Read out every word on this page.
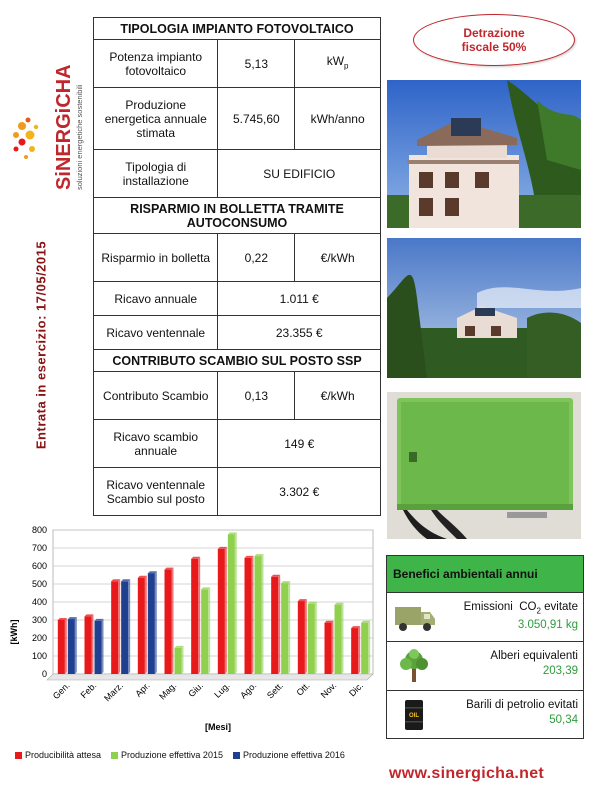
SiNERGiCHA soluzioni energetiche sostenibili
Entrata in esercizio: 17/05/2015
Detrazione
fiscale 50%
TIPOLOGIA IMPIANTO FOTOVOLTAICO		
Potenza impianto fotovoltaico	5,13	$kW_p$
Produzione energetica annuale stimata	5.745,60	kWh/anno
Tipologia di installazione	SU EDIFICIO	
RISPARMIO IN BOLLETTA TRAMITE AUTOCONSUMO		
Risparmio in bolletta	0,22	€/kWh
Ricavo annuale	1.011 €	
Ricavo ventennale	23.355 €	
CONTRIBUTO SCAMBIO SUL POSTO SSP		
Contributo Scambio	0,13	€/kWh
Ricavo scambio annuale	149 €	
Ricavo ventennale Scambio sul posto	3.302 €	
0
100
200
300
400
500
600
700
800
Gen. Feb. Marz. Apr. Mag. Giu. Lug. Ago. Sett. Ott. Nov. Dic.
[kWh]
[Mesi]
Producibilità attesa Produzione effettiva 2015 Produzione effettiva 2016
Benefici ambientali annui
Emissioni $CO_2$ evitate
3.050,91 kg
Alberi equivalenti
203,39
OIL
Barili di petrolio evitati
50,34
www.sinergicha.net
